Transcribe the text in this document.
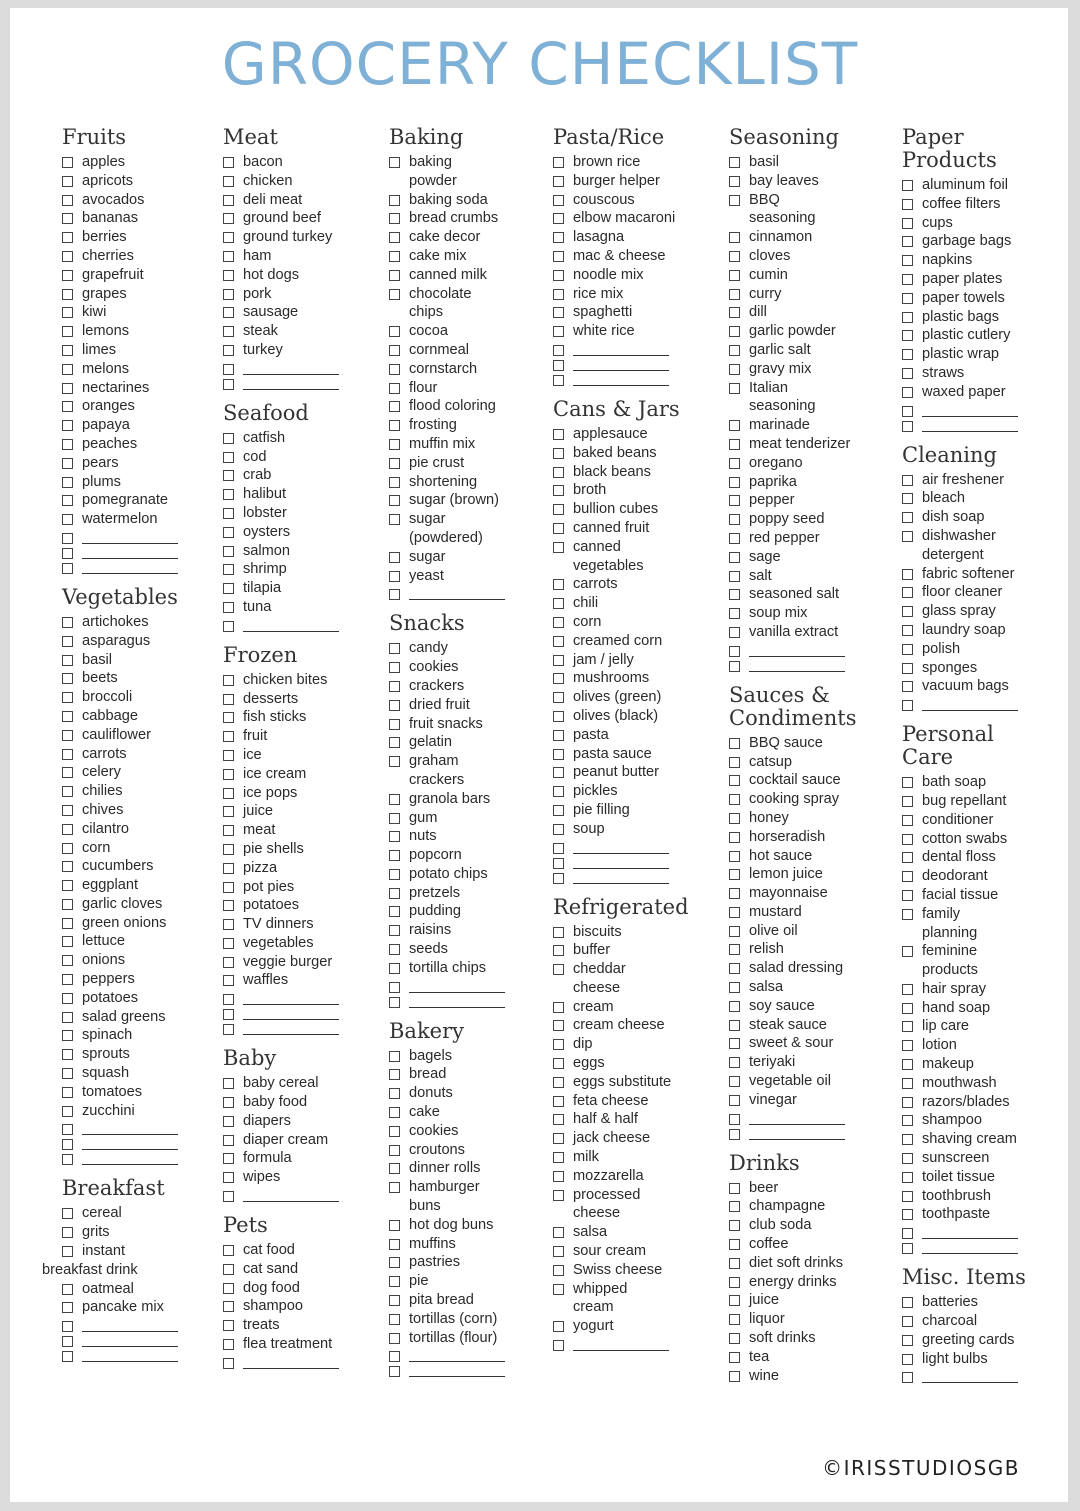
GROCERY CHECKLIST
Fruits
apples
apricots
avocados
bananas
berries
cherries
grapefruit
grapes
kiwi
lemons
limes
melons
nectarines
oranges
papaya
peaches
pears
plums
pomegranate
watermelon
Vegetables
artichokes
asparagus
basil
beets
broccoli
cabbage
cauliflower
carrots
celery
chilies
chives
cilantro
corn
cucumbers
eggplant
garlic cloves
green onions
lettuce
onions
peppers
potatoes
salad greens
spinach
sprouts
squash
tomatoes
zucchini
Breakfast
cereal
grits
instant
breakfast drink
oatmeal
pancake mix
Meat
bacon
chicken
deli meat
ground beef
ground turkey
ham
hot dogs
pork
sausage
steak
turkey
Seafood
catfish
cod
crab
halibut
lobster
oysters
salmon
shrimp
tilapia
tuna
Frozen
chicken bites
desserts
fish sticks
fruit
ice
ice cream
ice pops
juice
meat
pie shells
pizza
pot pies
potatoes
TV dinners
vegetables
veggie burger
waffles
Baby
baby cereal
baby food
diapers
diaper cream
formula
wipes
Pets
cat food
cat sand
dog food
shampoo
treats
flea treatment
Baking
baking
powder
baking soda
bread crumbs
cake decor
cake mix
canned milk
chocolate
chips
cocoa
cornmeal
cornstarch
flour
flood coloring
frosting
muffin mix
pie crust
shortening
sugar (brown)
sugar
(powdered)
sugar
yeast
Snacks
candy
cookies
crackers
dried fruit
fruit snacks
gelatin
graham
crackers
granola bars
gum
nuts
popcorn
potato chips
pretzels
pudding
raisins
seeds
tortilla chips
Bakery
bagels
bread
donuts
cake
cookies
croutons
dinner rolls
hamburger
buns
hot dog buns
muffins
pastries
pie
pita bread
tortillas (corn)
tortillas (flour)
Pasta/Rice
brown rice
burger helper
couscous
elbow macaroni
lasagna
mac & cheese
noodle mix
rice mix
spaghetti
white rice
Cans & Jars
applesauce
baked beans
black beans
broth
bullion cubes
canned fruit
canned
vegetables
carrots
chili
corn
creamed corn
jam / jelly
mushrooms
olives (green)
olives (black)
pasta
pasta sauce
peanut butter
pickles
pie filling
soup
Refrigerated
biscuits
buffer
cheddar
cheese
cream
cream cheese
dip
eggs
eggs substitute
feta cheese
half & half
jack cheese
milk
mozzarella
processed
cheese
salsa
sour cream
Swiss cheese
whipped
cream
yogurt
Seasoning
basil
bay leaves
BBQ
seasoning
cinnamon
cloves
cumin
curry
dill
garlic powder
garlic salt
gravy mix
Italian
seasoning
marinade
meat tenderizer
oregano
paprika
pepper
poppy seed
red pepper
sage
salt
seasoned salt
soup mix
vanilla extract
Sauces &
Condiments
BBQ sauce
catsup
cocktail sauce
cooking spray
honey
horseradish
hot sauce
lemon juice
mayonnaise
mustard
olive oil
relish
salad dressing
salsa
soy sauce
steak sauce
sweet & sour
teriyaki
vegetable oil
vinegar
Drinks
beer
champagne
club soda
coffee
diet soft drinks
energy drinks
juice
liquor
soft drinks
tea
wine
Paper
Products
aluminum foil
coffee filters
cups
garbage bags
napkins
paper plates
paper towels
plastic bags
plastic cutlery
plastic wrap
straws
waxed paper
Cleaning
air freshener
bleach
dish soap
dishwasher
detergent
fabric softener
floor cleaner
glass spray
laundry soap
polish
sponges
vacuum bags
Personal
Care
bath soap
bug repellant
conditioner
cotton swabs
dental floss
deodorant
facial tissue
family
planning
feminine
products
hair spray
hand soap
lip care
lotion
makeup
mouthwash
razors/blades
shampoo
shaving cream
sunscreen
toilet tissue
toothbrush
toothpaste
Misc. Items
batteries
charcoal
greeting cards
light bulbs
©IRISSTUDIOSGB
